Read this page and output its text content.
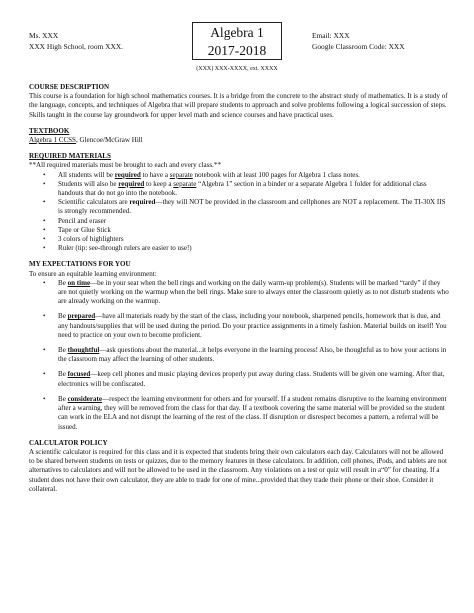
Ms. XXX
XXX High School, room XXX.
Algebra 1
2017-2018
(XXX) XXX-XXXX, ext. XXXX
Email: XXX
Google Classroom Code: XXX
COURSE DESCRIPTION

This course is a foundation for high school mathematics courses. It is a bridge from the concrete to the abstract study of mathematics. It is a study of the language, concepts, and techniques of Algebra that will prepare students to approach and solve problems following a logical succession of steps. Skills taught in the course lay groundwork for upper level math and science courses and have practical uses.

TEXTBOOK

Algebra 1 CCSS, Glencoe/McGraw Hill

REQUIRED MATERIALS

**All required materials must be brought to each and every class.**

• All students will be required to have a separate notebook with at least 100 pages for Algebra 1 class notes.
• Students will also be required to keep a separate “Algebra 1” section in a binder or a separate Algebra 1 folder for additional class handouts that do not go into the notebook.
• Scientific calculators are required—they will NOT be provided in the classroom and cellphones are NOT a replacement. The TI-30X IIS is strongly recommended.
• Pencil and eraser
• Tape or Glue Stick
• 3 colors of highlighters
• Ruler (tip: see-through rulers are easier to use!)
MY EXPECTATIONS FOR YOU

To ensure an equitable learning environment:

• Be on time—be in your seat when the bell rings and working on the daily warm-up problem(s). Students will be marked “tardy” if they are not quietly working on the warmup when the bell rings. Make sure to always enter the classroom quietly as to not disturb students who are already working on the warmup.
• Be prepared—have all materials ready by the start of the class, including your notebook, sharpened pencils, homework that is due, and any handouts/supplies that will be used during the period. Do your practice assignments in a timely fashion. Material builds on itself! You need to practice on your own to become proficient.
• Be thoughtful—ask questions about the material...it helps everyone in the learning process! Also, be thoughtful as to how your actions in the classroom may affect the learning of other students.
• Be focused—keep cell phones and music playing devices properly put away during class. Students will be given one warning. After that, electronics will be confiscated.
• Be considerate—respect the learning environment for others and for yourself. If a student remains disruptive to the learning environment after a warning, they will be removed from the class for that day. If a textbook covering the same material will be provided so the student can work in the ELA and not disrupt the learning of the rest of the class. If disruption or disrespect becomes a pattern, a referral will be issued.
CALCULATOR POLICY

A scientific calculator is required for this class and it is expected that students bring their own calculators each day. Calculators will not be allowed to be shared between students on tests or quizzes, due to the memory features in these calculators. In addition, cell phones, iPods, and tablets are not alternatives to calculators and will not be allowed to be used in the classroom. Any violations on a test or quiz will result in a“0” for cheating. If a student does not have their own calculator, they are able to trade for one of mine...provided that they trade their phone or their shoe. Consider it collateral.
